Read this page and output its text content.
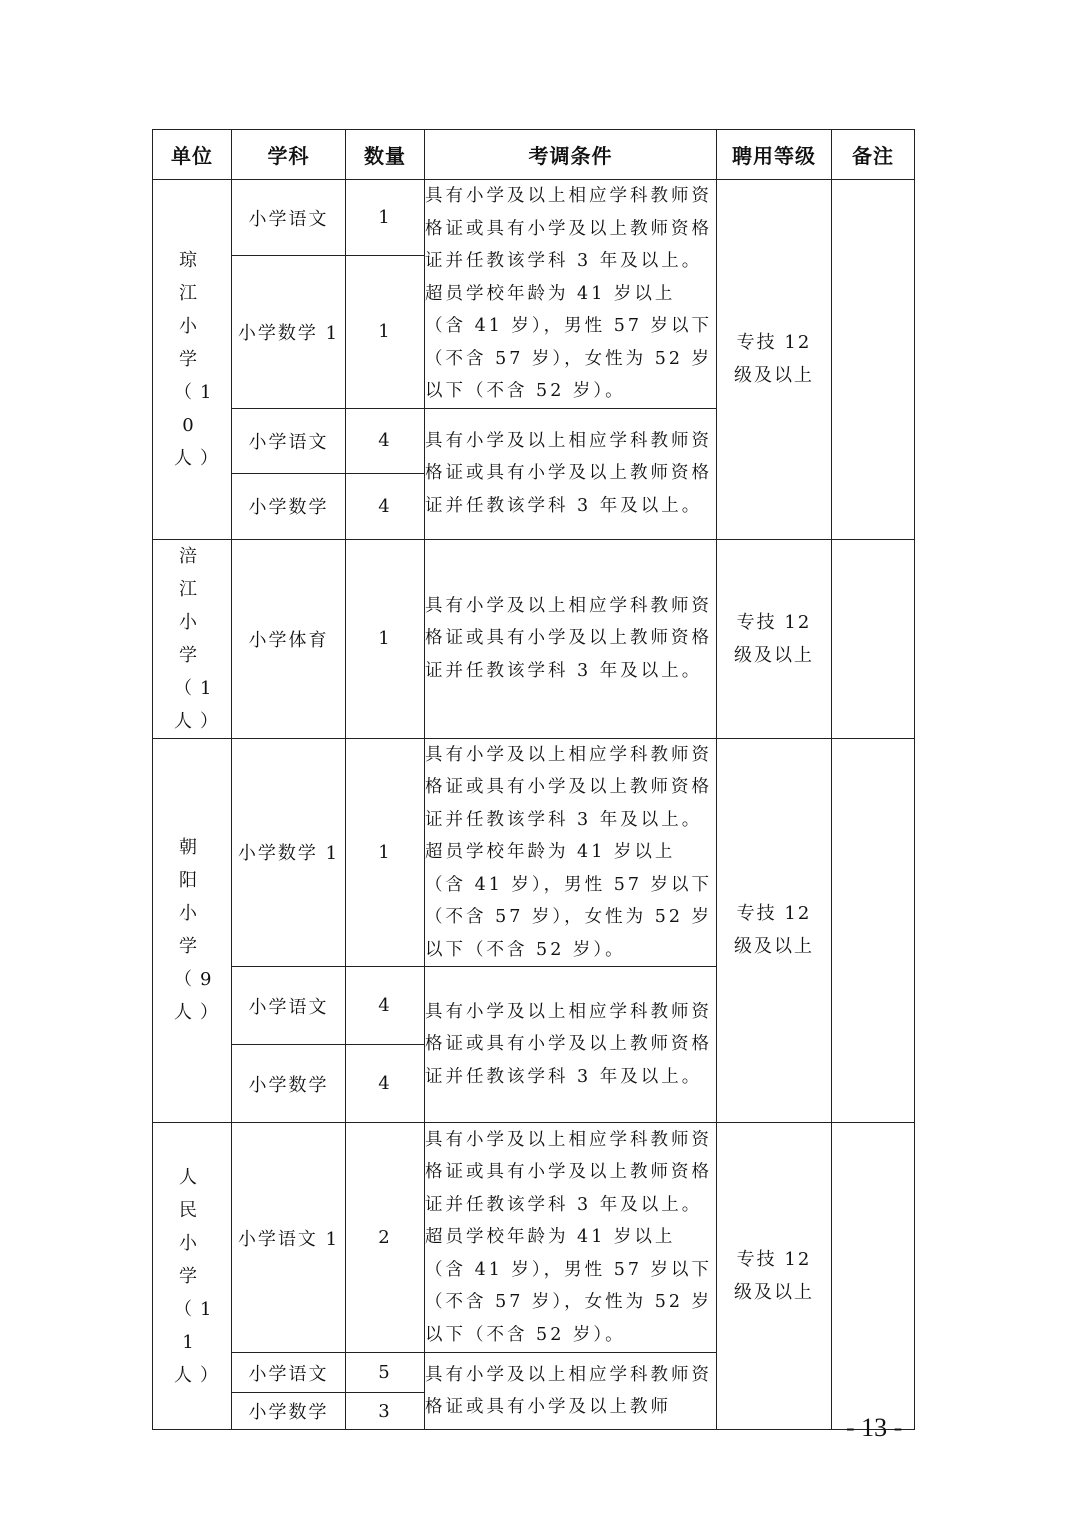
单位	学科	数量	考调条件	聘用等级	备注

琼江小学（10人）	小学语文	1	具有小学及以上相应学科教师资格证或具有小学及以上教师资格证并任教该学科 3 年及以上。超员学校年龄为 41 岁以上（含 41 岁），男性 57 岁以下（不含 57 岁），女性为 52 岁以下（不含 52 岁）。	专技 12 级及以上	

	小学数学 1	1			
	小学语文	4	具有小学及以上相应学科教师资格证或具有小学及以上教师资格证并任教该学科 3 年及以上。		
	小学数学	4			

涪江小学（1人）	小学体育	1	具有小学及以上相应学科教师资格证或具有小学及以上教师资格证并任教该学科 3 年及以上。	专技 12 级及以上	

朝阳小学（9人）	小学数学 1	1	具有小学及以上相应学科教师资格证或具有小学及以上教师资格证并任教该学科 3 年及以上。超员学校年龄为 41 岁以上（含 41 岁），男性 57 岁以下（不含 57 岁），女性为 52 岁以下（不含 52 岁）。	专技 12 级及以上	

	小学语文	4	具有小学及以上相应学科教师资格证或具有小学及以上教师资格证并任教该学科 3 年及以上。		
	小学数学	4			

人民小学（11人）	小学语文 1	2	具有小学及以上相应学科教师资格证或具有小学及以上教师资格证并任教该学科 3 年及以上。超员学校年龄为 41 岁以上（含 41 岁），男性 57 岁以下（不含 57 岁），女性为 52 岁以下（不含 52 岁）。	专技 12 级及以上	

	小学语文	5	具有小学及以上相应学科教师资格证或具有小学及以上教师		
	小学数学	3			
- 13 -
